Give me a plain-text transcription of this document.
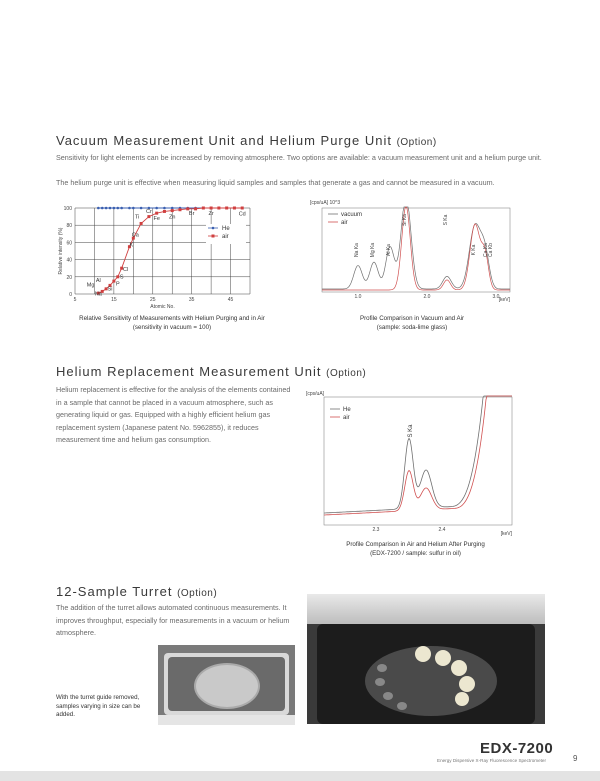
Vacuum Measurement Unit and Helium Purge Unit (Option)

Sensitivity for light elements can be increased by removing atmosphere. Two options are available: a vacuum measurement unit and a helium purge unit.

The helium purge unit is effective when measuring liquid samples and samples that generate a gas and cannot be measured in a vacuum.

0
20
40
60
80
100
5	15	25	35	45
Atomic No.
Relative intensity (%)
Na
Mg
Al
Si
P
S
Cl
K
Ca
Ti
Cr
Fe Zn
Br	Zr	Cd
He
air
Relative Sensitivity of Measurements with Helium Purging and in Air
(sensitivity in vacuum = 100)
[cps/uA] 10^3
1.0	2.0	3.0 [keV]
Na Ka Mg Ka Al Ka
Si Ka	S Ka
K Ka Ca Ka Ca Kb
vacuum
air
Profile Comparison in Vacuum and Air
(sample: soda-lime glass)
Helium Replacement Measurement Unit (Option)

Helium replacement is effective for the analysis of the elements contained in a sample that cannot be placed in a vacuum atmosphere, such as generating liquid or gas. Equipped with a highly efficient helium gas replacement system (Japanese patent No. 5962855), it reduces measurement time and helium gas consumption.

[cps/uA]
2.3	2.4
[keV]
S Ka
He
air
Profile Comparison in Air and Helium After Purging
(EDX-7200 / sample: sulfur in oil)
12-Sample Turret (Option)

The addition of the turret allows automated continuous measurements. It improves throughput, especially for measurements in a vacuum or helium atmosphere.

With the turret guide removed, samples varying in size can be added.

EDX-7200
Energy Dispersive X-Ray Fluorescence Spectrometer	9
